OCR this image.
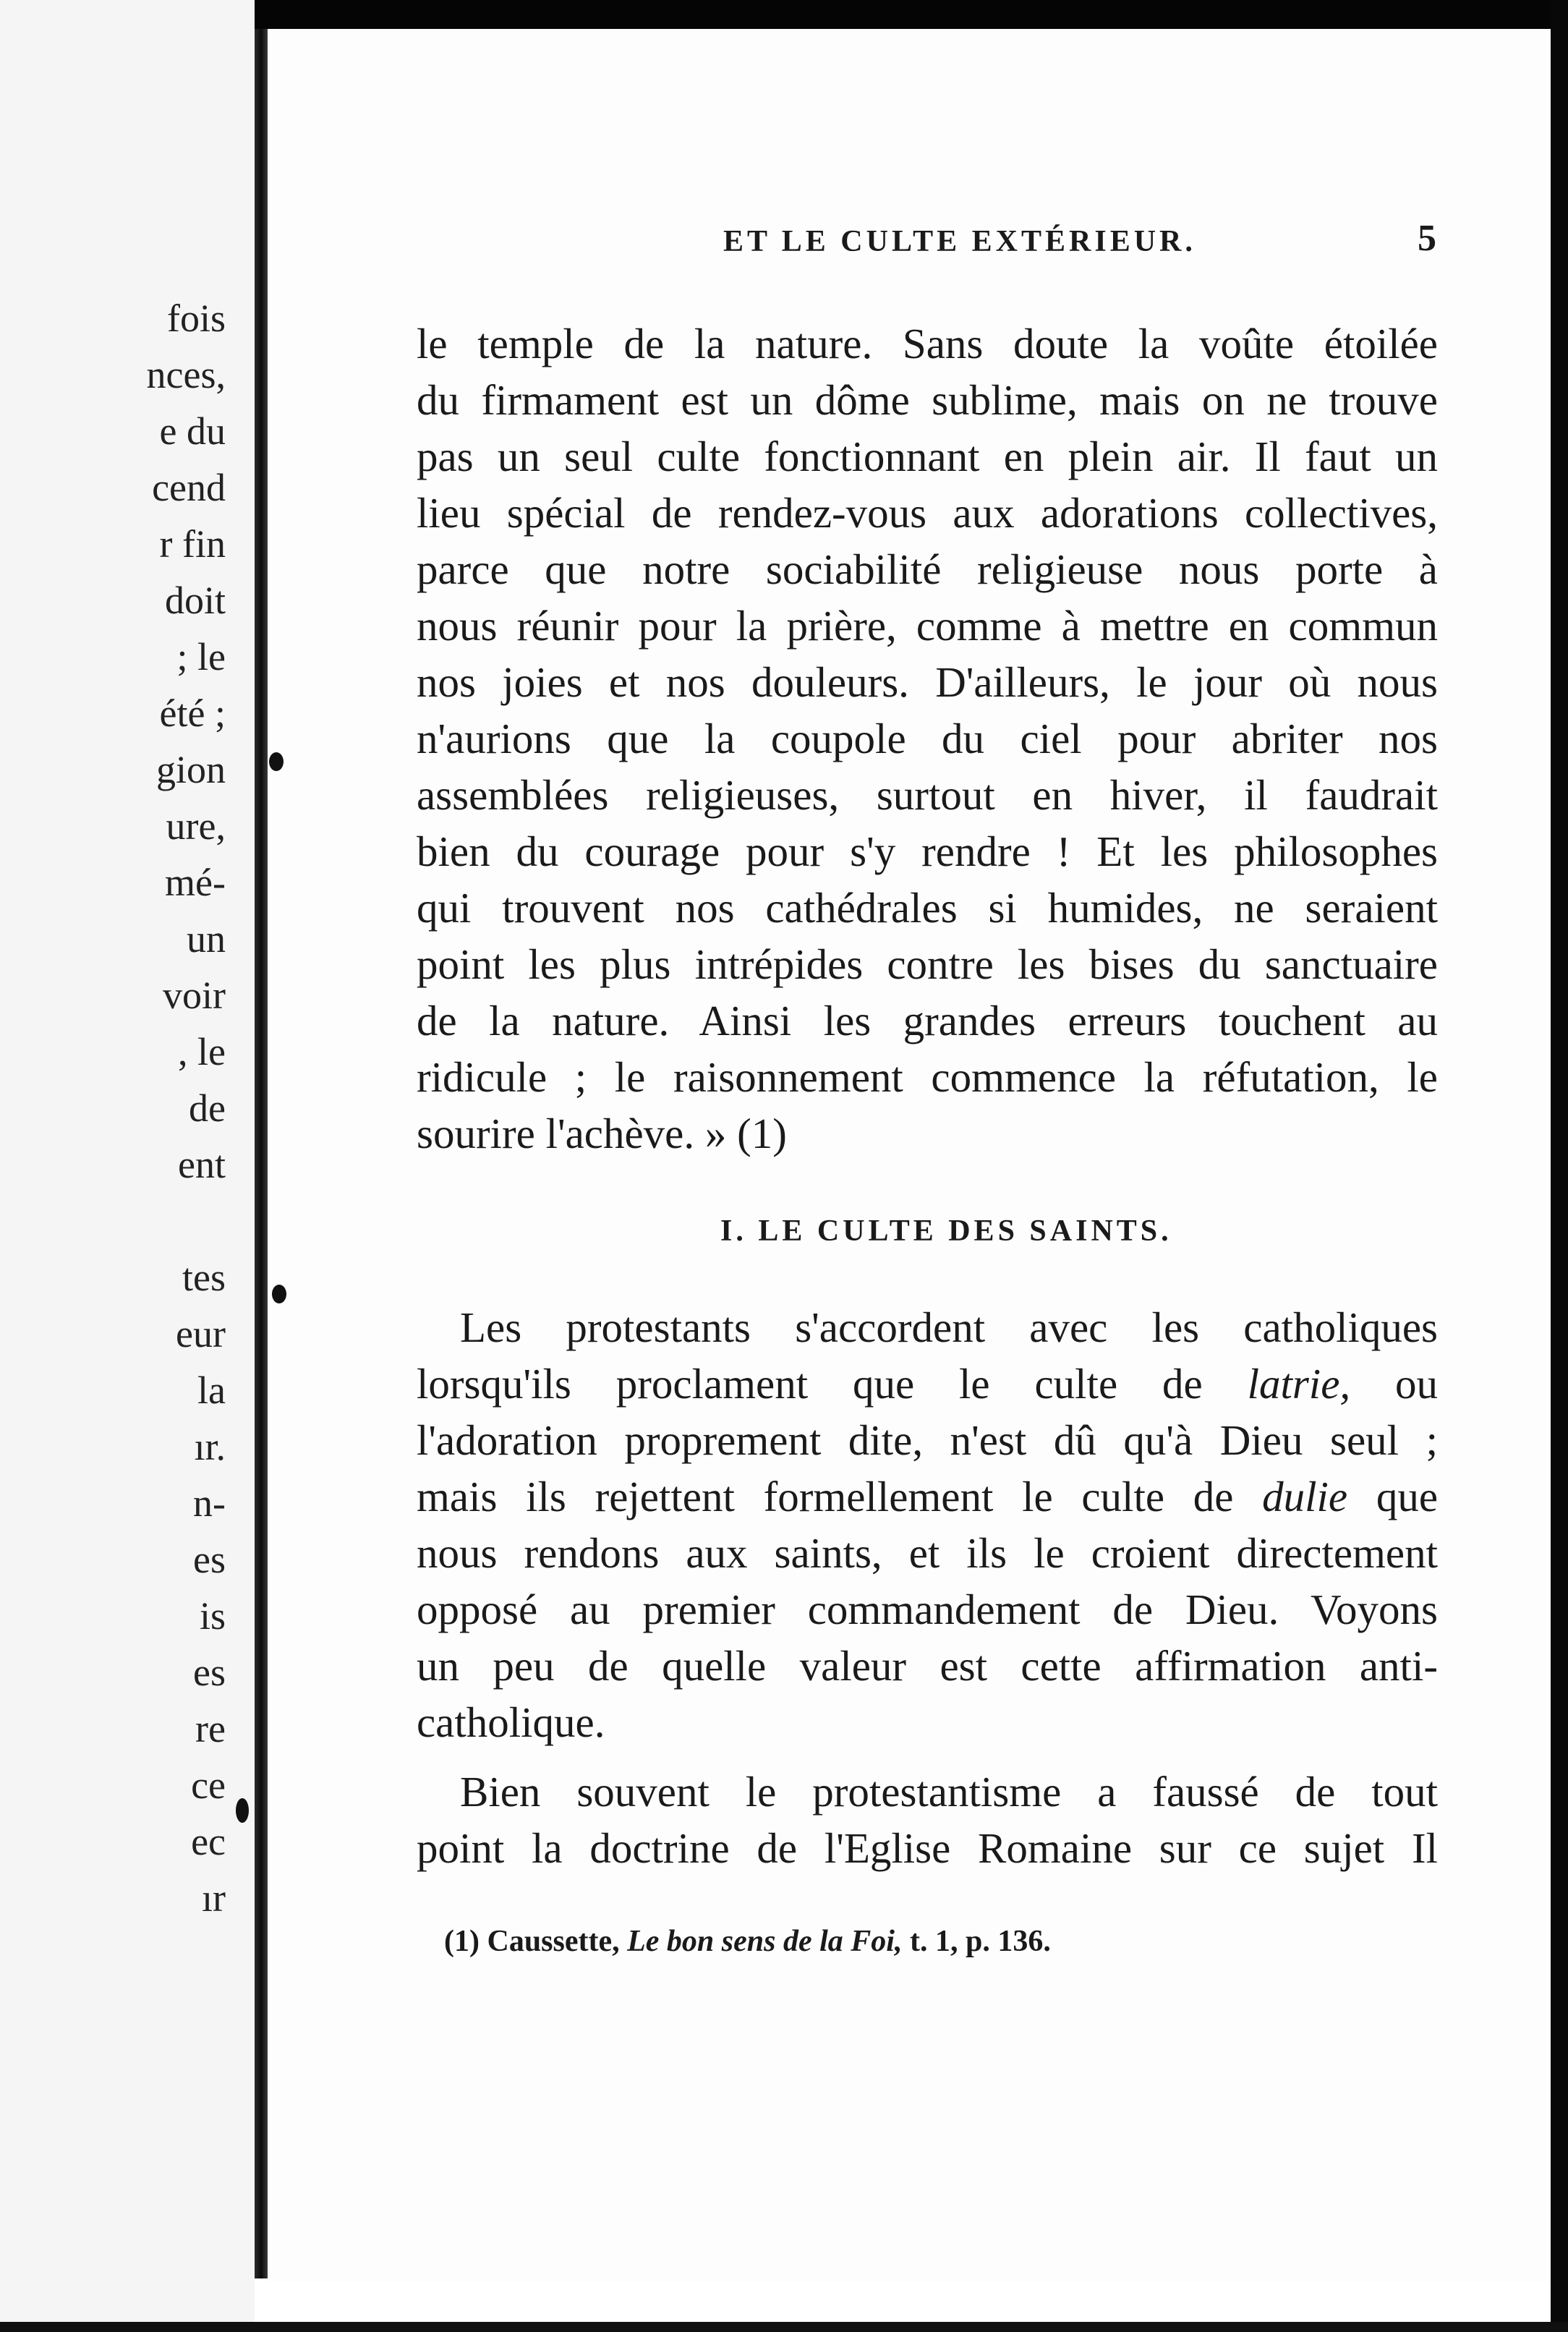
fois
nces,
e du
cend
r fin
doit
; le
été ;
gion
ure,
mé-
un
voir
, le
de
ent
tes
eur
la
ır.
n-
es
is
es
re
ce
ec
ır
ET LE CULTE EXTÉRIEUR.	5
le temple de la nature. Sans doute la voûte étoilée
du firmament est un dôme sublime, mais on ne trouve
pas un seul culte fonctionnant en plein air. Il faut un
lieu spécial de rendez-vous aux adorations collectives,
parce que notre sociabilité religieuse nous porte à
nous réunir pour la prière, comme à mettre en commun
nos joies et nos douleurs. D'ailleurs, le jour où nous
n'aurions que la coupole du ciel pour abriter nos
assemblées religieuses, surtout en hiver, il faudrait
bien du courage pour s'y rendre ! Et les philosophes
qui trouvent nos cathédrales si humides, ne seraient
point les plus intrépides contre les bises du sanctuaire
de la nature. Ainsi les grandes erreurs touchent au
ridicule ; le raisonnement commence la réfutation, le
sourire l'achève. » (1)
I. LE CULTE DES SAINTS.
Les protestants s'accordent avec les catholiques
lorsqu'ils proclament que le culte de latrie, ou
l'adoration proprement dite, n'est dû qu'à Dieu seul ;
mais ils rejettent formellement le culte de dulie que
nous rendons aux saints, et ils le croient directement
opposé au premier commandement de Dieu. Voyons
un peu de quelle valeur est cette affirmation anti-
catholique.
Bien souvent le protestantisme a faussé de tout
point la doctrine de l'Eglise Romaine sur ce sujet Il
(1) Caussette, Le bon sens de la Foi, t. 1, p. 136.
